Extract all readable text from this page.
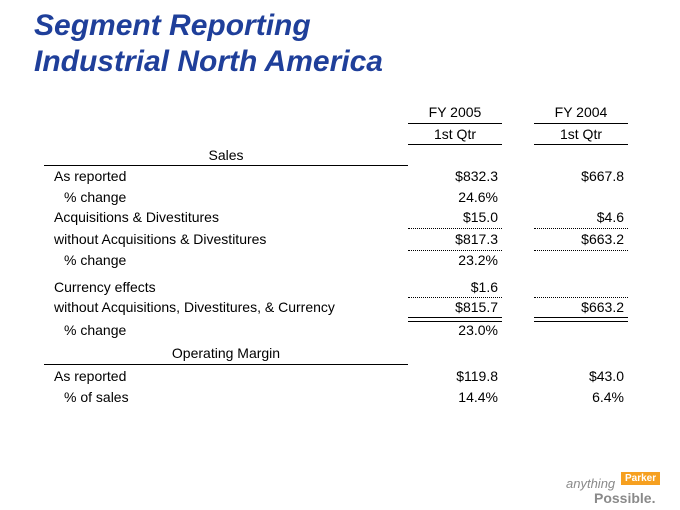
Segment Reporting
Industrial North America
FY 2005	FY 2004
1st Qtr	1st Qtr
Sales
As reported	$832.3	$667.8
% change	24.6%
Acquisitions & Divestitures	$15.0	$4.6
without Acquisitions & Divestitures	$817.3	$663.2
% change	23.2%
Currency effects	$1.6
without Acquisitions, Divestitures, & Currency	$815.7	$663.2
% change	23.0%
Operating Margin
As reported	$119.8	$43.0
% of sales	14.4%	6.4%
anything Parker
Possible.
